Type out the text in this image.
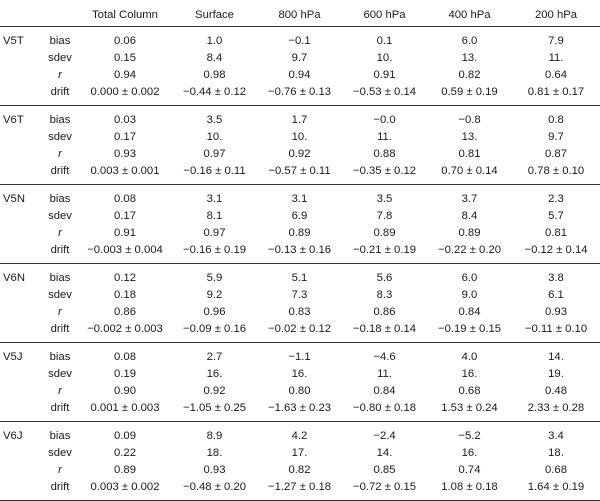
		Total Column	Surface	800 hPa	600 hPa	400 hPa	200 hPa
V5T	bias	0.06	1.0	−0.1	0.1	6.0	7.9
	sdev	0.15	8.4	9.7	10.	13.	11.
	r	0.94	0.98	0.94	0.91	0.82	0.64
	drift	0.000 ± 0.002	−0.44 ± 0.12	−0.76 ± 0.13	−0.53 ± 0.14	0.59 ± 0.19	0.81 ± 0.17
V6T	bias	0.03	3.5	1.7	−0.0	−0.8	0.8
	sdev	0.17	10.	10.	11.	13.	9.7
	r	0.93	0.97	0.92	0.88	0.81	0.87
	drift	0.003 ± 0.001	−0.16 ± 0.11	−0.57 ± 0.11	−0.35 ± 0.12	0.70 ± 0.14	0.78 ± 0.10
V5N	bias	0.08	3.1	3.1	3.5	3.7	2.3
	sdev	0.17	8.1	6.9	7.8	8.4	5.7
	r	0.91	0.97	0.89	0.89	0.89	0.81
	drift	−0.003 ± 0.004	−0.16 ± 0.19	−0.13 ± 0.16	−0.21 ± 0.19	−0.22 ± 0.20	−0.12 ± 0.14
V6N	bias	0.12	5.9	5.1	5.6	6.0	3.8
	sdev	0.18	9.2	7.3	8.3	9.0	6.1
	r	0.86	0.96	0.83	0.86	0.84	0.93
	drift	−0.002 ± 0.003	−0.09 ± 0.16	−0.02 ± 0.12	−0.18 ± 0.14	−0.19 ± 0.15	−0.11 ± 0.10
V5J	bias	0.08	2.7	−1.1	−4.6	4.0	14.
	sdev	0.19	16.	16.	11.	16.	19.
	r	0.90	0.92	0.80	0.84	0.68	0.48
	drift	0.001 ± 0.003	−1.05 ± 0.25	−1.63 ± 0.23	−0.80 ± 0.18	1.53 ± 0.24	2.33 ± 0.28
V6J	bias	0.09	8.9	4.2	−2.4	−5.2	3.4
	sdev	0.22	18.	17.	14.	16.	18.
	r	0.89	0.93	0.82	0.85	0.74	0.68
	drift	0.003 ± 0.002	−0.48 ± 0.20	−1.27 ± 0.18	−0.72 ± 0.15	1.08 ± 0.18	1.64 ± 0.19
